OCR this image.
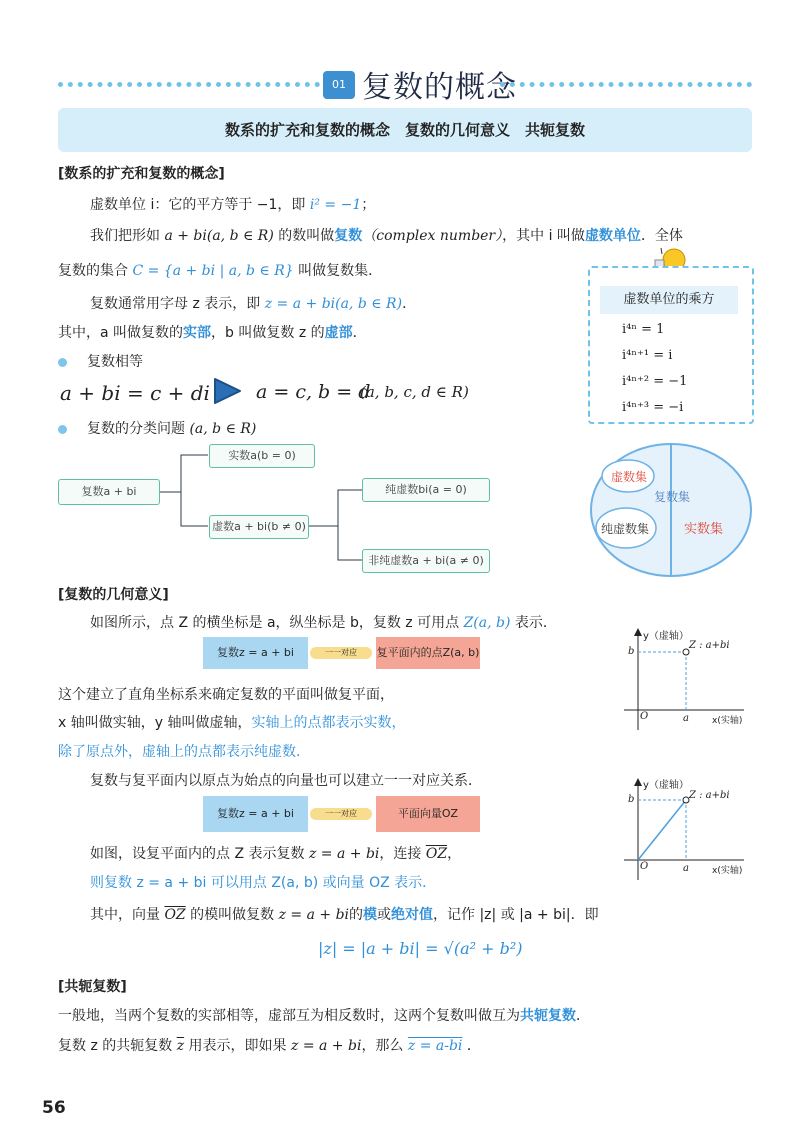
01 复数的概念
数系的扩充和复数的概念　复数的几何意义　共轭复数
[数系的扩充和复数的概念]
虚数单位 i：它的平方等于 −1，即 i² = −1；
我们把形如 a + bi(a, b ∈ R) 的数叫做复数（complex number），其中 i 叫做虚数单位．全体
复数的集合 C = {a + bi | a, b ∈ R} 叫做复数集．
复数通常用字母 z 表示，即 z = a + bi(a, b ∈ R)．
其中，a 叫做复数的实部，b 叫做复数 z 的虚部．
复数相等
a + bi = c + di a = c, b = d
(a, b, c, d ∈ R)
复数的分类问题 (a, b ∈ R)
复数a + bi
实数a(b = 0)
虚数a + bi(b ≠ 0)
纯虚数bi(a = 0)
非纯虚数a + bi(a ≠ 0)
虚数单位的乘方
i⁴ⁿ = 1
i⁴ⁿ⁺¹ = i
i⁴ⁿ⁺² = −1
i⁴ⁿ⁺³ = −i
虚数集
复数集
纯虚数集	实数集
[复数的几何意义]
如图所示，点 Z 的横坐标是 a，纵坐标是 b，复数 z 可用点 Z(a, b) 表示．
复数z = a + bi	一一对应	复平面内的点Z(a, b)
这个建立了直角坐标系来确定复数的平面叫做复平面，
x 轴叫做实轴，y 轴叫做虚轴，实轴上的点都表示实数，
除了原点外，虚轴上的点都表示纯虚数．
复数与复平面内以原点为始点的向量也可以建立一一对应关系．
复数z = a + bi	一一对应	平面向量OZ
如图，设复平面内的点 Z 表示复数 z = a + bi，连接 $\overline{OZ}$，
则复数 z = a + bi 可以用点 Z(a, b) 或向量 OZ 表示．
其中，向量 $\overline{OZ}$ 的模叫做复数 z = a + bi的模或绝对值，记作 |z| 或 |a + bi|．即
|z| = |a + bi| = √(a² + b²)
y（虚轴）
b
Z : a+bi
O	a	x(实轴)
y（虚轴）
b	Z : a+bi
O	a	x(实轴)
[共轭复数]
一般地，当两个复数的实部相等，虚部互为相反数时，这两个复数叫做互为共轭复数．
复数 z 的共轭复数 $\overline{z}$ 用表示，即如果 z = a + bi，那么 z = a-bi ．
56
